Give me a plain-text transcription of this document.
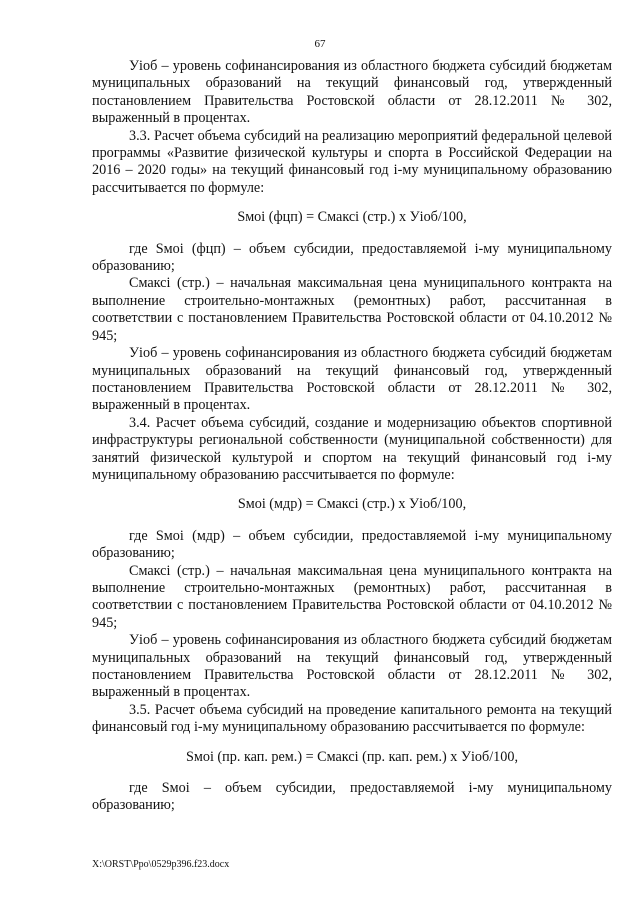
67

Уіоб – уровень софинансирования из областного бюджета субсидий бюджетам муниципальных образований на текущий финансовый год, утвержденный постановлением Правительства Ростовской области от 28.12.2011 № 302, выраженный в процентах.

3.3. Расчет объема субсидий на реализацию мероприятий федеральной целевой программы «Развитие физической культуры и спорта в Российской Федерации на 2016 – 2020 годы» на текущий финансовый год і-му муниципальному образованию рассчитывается по формуле:

Sмоі (фцп) = Смаксі (стр.) х Уіоб/100,

где Sмоі (фцп) – объем субсидии, предоставляемой і-му муниципальному образованию;

Смаксі (стр.) – начальная максимальная цена муниципального контракта на выполнение строительно-монтажных (ремонтных) работ, рассчитанная в соответствии с постановлением Правительства Ростовской области от 04.10.2012 № 945;

Уіоб – уровень софинансирования из областного бюджета субсидий бюджетам муниципальных образований на текущий финансовый год, утвержденный постановлением Правительства Ростовской области от 28.12.2011 № 302, выраженный в процентах.

3.4. Расчет объема субсидий, создание и модернизацию объектов спортивной инфраструктуры региональной собственности (муниципальной собственности) для занятий физической культурой и спортом на текущий финансовый год і-му муниципальному образованию рассчитывается по формуле:

Sмоі (мдр) = Смаксі (стр.) х Уіоб/100,

где Sмоі (мдр) – объем субсидии, предоставляемой і-му муниципальному образованию;

Смаксі (стр.) – начальная максимальная цена муниципального контракта на выполнение строительно-монтажных (ремонтных) работ, рассчитанная в соответствии с постановлением Правительства Ростовской области от 04.10.2012 № 945;

Уіоб – уровень софинансирования из областного бюджета субсидий бюджетам муниципальных образований на текущий финансовый год, утвержденный постановлением Правительства Ростовской области от 28.12.2011 № 302, выраженный в процентах.

3.5. Расчет объема субсидий на проведение капитального ремонта на текущий финансовый год і-му муниципальному образованию рассчитывается по формуле:

Sмоі (пр. кап. рем.) = Смаксі (пр. кап. рем.) х Уіоб/100,

где Sмоі – объем субсидии, предоставляемой і-му муниципальному образованию;

X:\ORST\Ppo\0529p396.f23.docx
